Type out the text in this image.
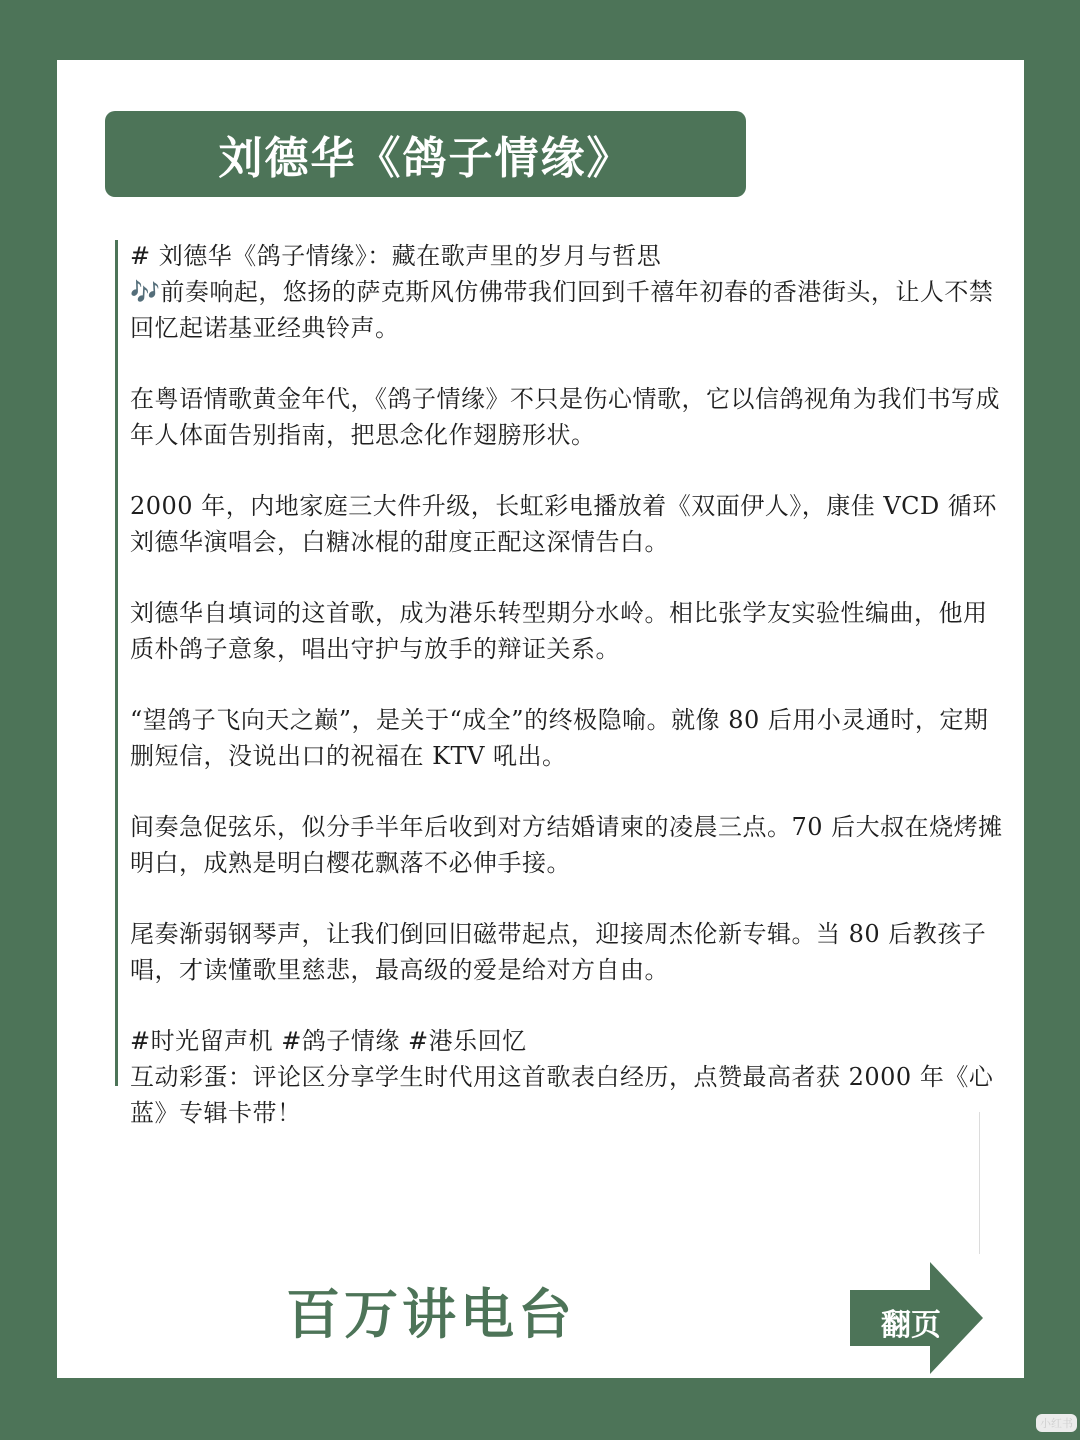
刘德华《鸽子情缘》

# 刘德华《鸽子情缘》：藏在歌声里的岁月与哲思

🎶前奏响起，悠扬的萨克斯风仿佛带我们回到千禧年初春的香港街头，让人不禁回忆起诺基亚经典铃声。

在粤语情歌黄金年代，《鸽子情缘》不只是伤心情歌，它以信鸽视角为我们书写成年人体面告别指南，把思念化作翅膀形状。

2000 年，内地家庭三大件升级，长虹彩电播放着《双面伊人》，康佳 VCD 循环刘德华演唱会，白糖冰棍的甜度正配这深情告白。

刘德华自填词的这首歌，成为港乐转型期分水岭。相比张学友实验性编曲，他用质朴鸽子意象，唱出守护与放手的辩证关系。

“望鸽子飞向天之巅”，是关于“成全”的终极隐喻。就像 80 后用小灵通时，定期删短信，没说出口的祝福在 KTV 吼出。

间奏急促弦乐，似分手半年后收到对方结婚请柬的凌晨三点。70 后大叔在烧烤摊明白，成熟是明白樱花飘落不必伸手接。

尾奏渐弱钢琴声，让我们倒回旧磁带起点，迎接周杰伦新专辑。当 80 后教孩子唱，才读懂歌里慈悲，最高级的爱是给对方自由。

#时光留声机 #鸽子情缘 #港乐回忆

互动彩蛋：评论区分享学生时代用这首歌表白经历，点赞最高者获 2000 年《心蓝》专辑卡带！

百万讲电台	翻页
小红书
